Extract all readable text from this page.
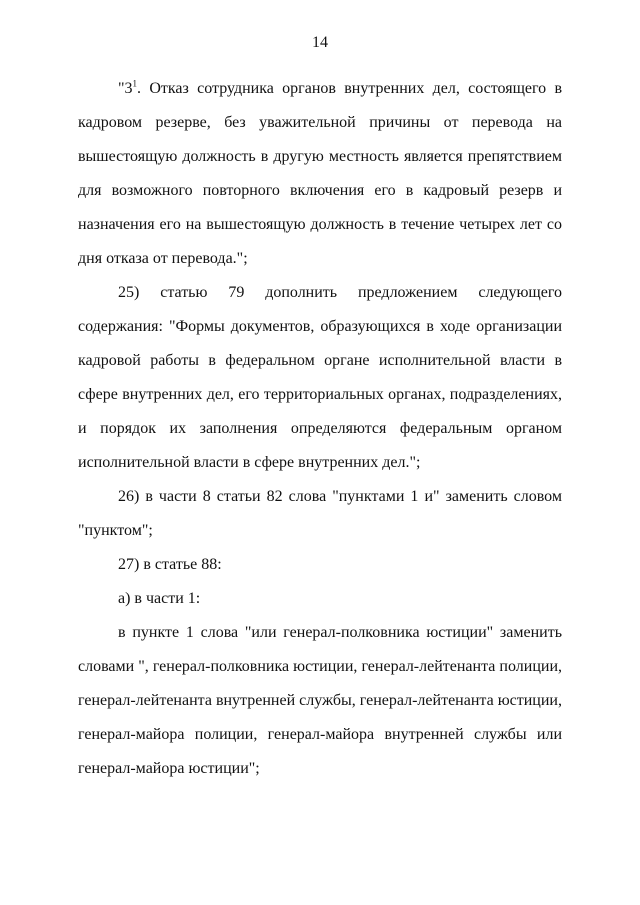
14

"$3^1$. Отказ сотрудника органов внутренних дел, состоящего в кадровом резерве, без уважительной причины от перевода на вышестоящую должность в другую местность является препятствием для возможного повторного включения его в кадровый резерв и назначения его на вышестоящую должность в течение четырех лет со дня отказа от перевода.";

25) статью 79 дополнить предложением следующего содержания: "Формы документов, образующихся в ходе организации кадровой работы в федеральном органе исполнительной власти в сфере внутренних дел, его территориальных органах, подразделениях, и порядок их заполнения определяются федеральным органом исполнительной власти в сфере внутренних дел.";

26) в части 8 статьи 82 слова "пунктами 1 и" заменить словом "пунктом";

27) в статье 88:

а) в части 1:

в пункте 1 слова "или генерал-полковника юстиции" заменить словами ", генерал-полковника юстиции, генерал-лейтенанта полиции, генерал-лейтенанта внутренней службы, генерал-лейтенанта юстиции, генерал-майора полиции, генерал-майора внутренней службы или генерал-майора юстиции";
